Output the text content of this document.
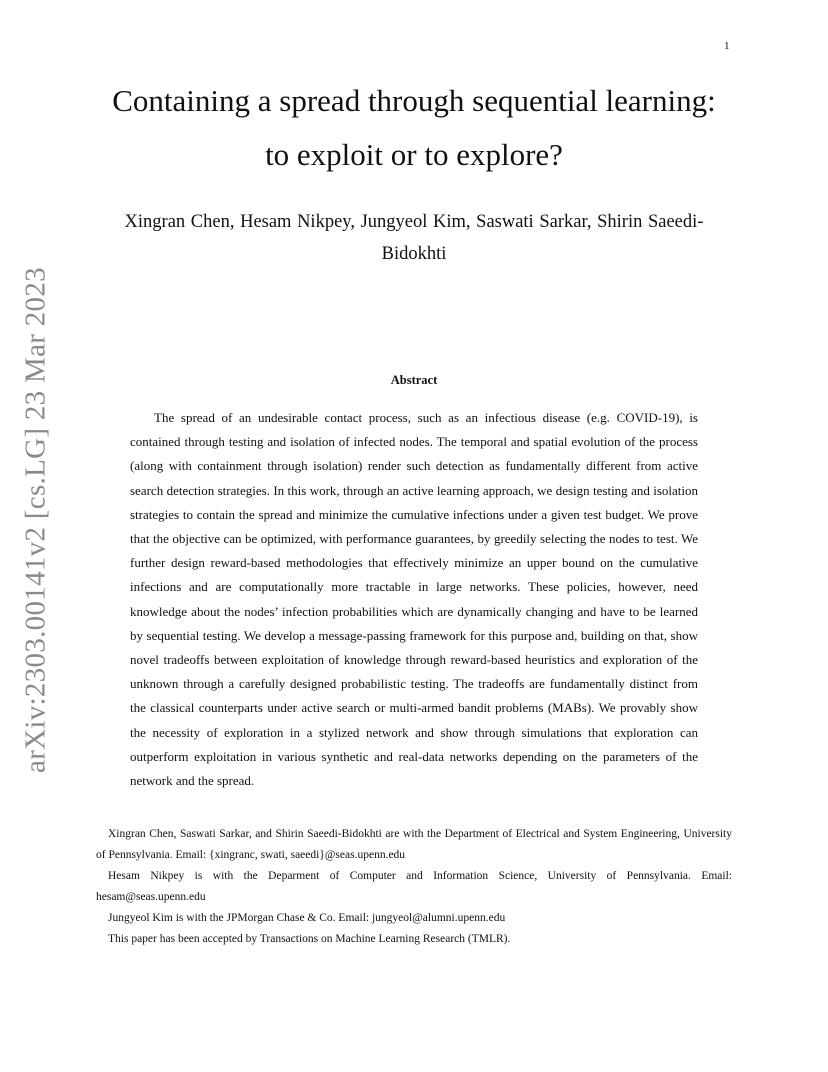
1
arXiv:2303.00141v2 [cs.LG] 23 Mar 2023
Containing a spread through sequential learning: to exploit or to explore?
Xingran Chen, Hesam Nikpey, Jungyeol Kim, Saswati Sarkar, Shirin Saeedi-Bidokhti
Abstract

The spread of an undesirable contact process, such as an infectious disease (e.g. COVID-19), is contained through testing and isolation of infected nodes. The temporal and spatial evolution of the process (along with containment through isolation) render such detection as fundamentally different from active search detection strategies. In this work, through an active learning approach, we design testing and isolation strategies to contain the spread and minimize the cumulative infections under a given test budget. We prove that the objective can be optimized, with performance guarantees, by greedily selecting the nodes to test. We further design reward-based methodologies that effectively minimize an upper bound on the cumulative infections and are computationally more tractable in large networks. These policies, however, need knowledge about the nodes’ infection probabilities which are dynamically changing and have to be learned by sequential testing. We develop a message-passing framework for this purpose and, building on that, show novel tradeoffs between exploitation of knowledge through reward-based heuristics and exploration of the unknown through a carefully designed probabilistic testing. The tradeoffs are fundamentally distinct from the classical counterparts under active search or multi-armed bandit problems (MABs). We provably show the necessity of exploration in a stylized network and show through simulations that exploration can outperform exploitation in various synthetic and real-data networks depending on the parameters of the network and the spread.

Xingran Chen, Saswati Sarkar, and Shirin Saeedi-Bidokhti are with the Department of Electrical and System Engineering, University of Pennsylvania. Email: {xingranc, swati, saeedi}@seas.upenn.edu

Hesam Nikpey is with the Deparment of Computer and Information Science, University of Pennsylvania. Email: hesam@seas.upenn.edu

Jungyeol Kim is with the JPMorgan Chase & Co. Email: jungyeol@alumni.upenn.edu

This paper has been accepted by Transactions on Machine Learning Research (TMLR).
